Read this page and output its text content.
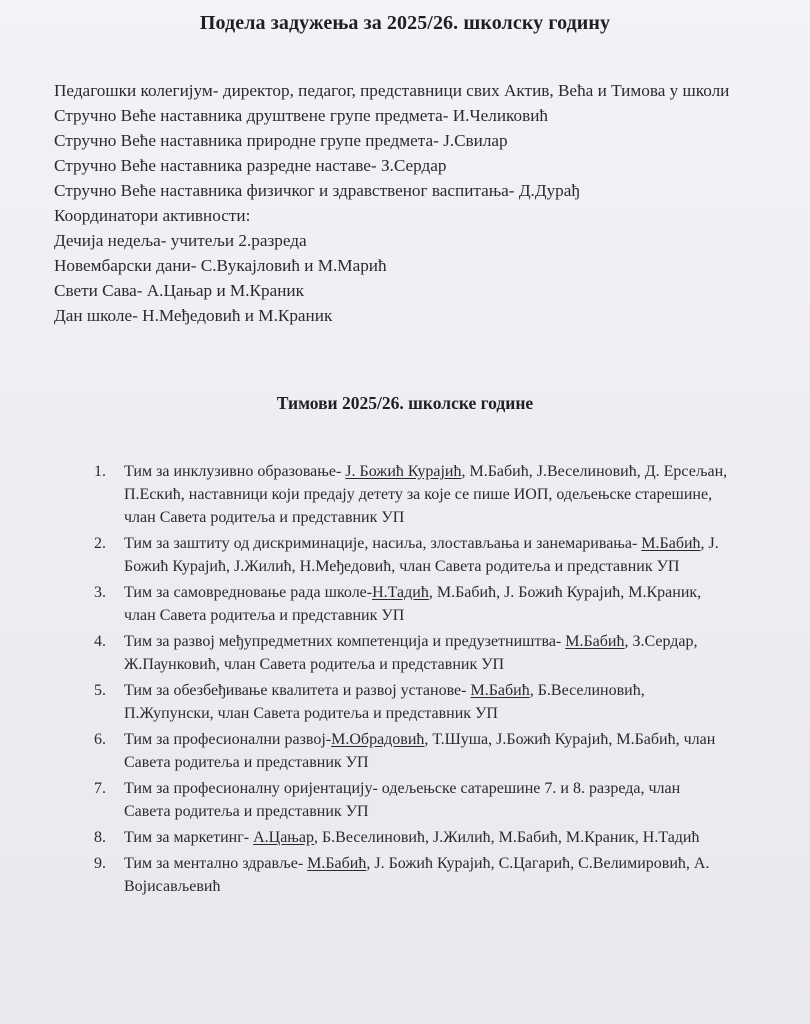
Подела задужења за 2025/26. школску годину
Педагошки колегијум- директор, педагог, представници свих Актив, Већа и Тимова у школи
Стручно Веће наставника друштвене групе предмета- И.Челиковић
Стручно Веће наставника природне групе предмета- Ј.Свилар
Стручно Веће наставника разредне наставе- З.Сердар
Стручно Веће наставника физичког и здравственог васпитања- Д.Дурађ
Координатори активности:
Дечија недеља- учитељи 2.разреда
Новембарски дани- С.Вукајловић и М.Марић
Свети Сава- А.Цањар и М.Краник
Дан школе- Н.Међедовић и М.Краник
Тимови 2025/26. школске године
1. Тим за инклузивно образовање- Ј. Божић Курајић, М.Бабић, Ј.Веселиновић, Д. Ерсељан, П.Ескић, наставници који предају детету за које се пише ИОП, одељењске старешине, члан Савета родитеља и представник УП
2. Тим за заштиту од дискриминације, насиља, злостављања и занемаривања- М.Бабић, Ј. Божић Курајић, Ј.Жилић, Н.Међедовић, члан Савета родитеља и представник УП
3. Тим за самовредновање рада школе-Н.Тадић, М.Бабић, Ј. Божић Курајић, М.Краник, члан Савета родитеља и представник УП
4. Тим за развој међупредметних компетенција и предузетништва- М.Бабић, З.Сердар, Ж.Паунковић, члан Савета родитеља и представник УП
5. Тим за обезбеђивање квалитета и развој установе- М.Бабић, Б.Веселиновић, П.Жупунски, члан Савета родитеља и представник УП
6. Тим за професионални развој-М.Обрадовић, Т.Шуша, Ј.Божић Курајић, М.Бабић, члан Савета родитеља и представник УП
7. Тим за професионалну оријентацију- одељењске сатарешине 7. и 8. разреда, члан Савета родитеља и представник УП
8. Тим за маркетинг- А.Цањар, Б.Веселиновић, Ј.Жилић, М.Бабић, М.Краник, Н.Тадић
9. Тим за ментално здравље- М.Бабић, Ј. Божић Курајић, С.Цагарић, С.Велимировић, А. Војисављевић
